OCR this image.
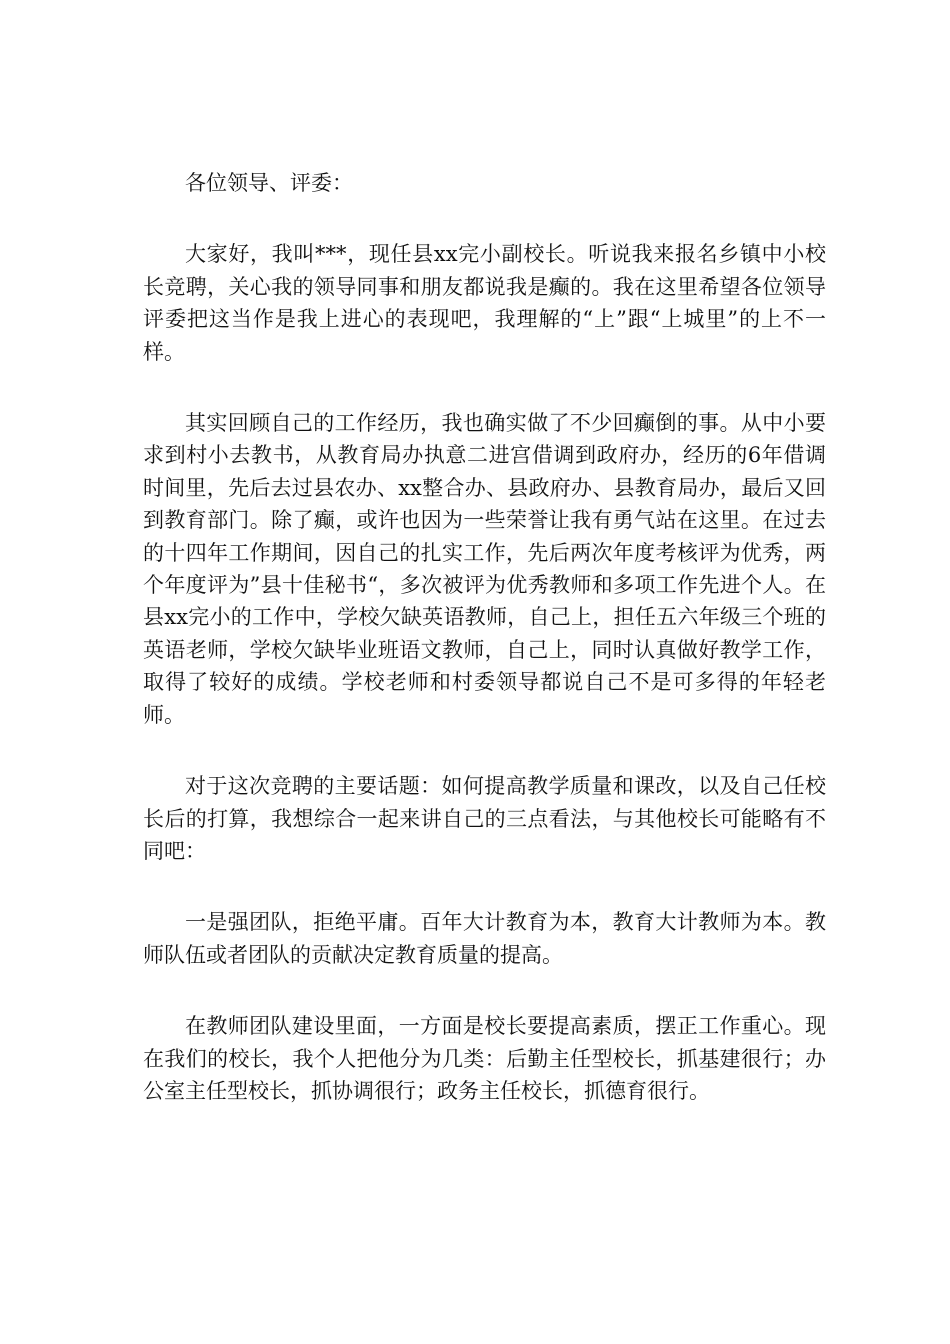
各位领导、评委：

大家好，我叫***，现任县xx完小副校长。听说我来报名乡镇中小校长竞聘，关心我的领导同事和朋友都说我是癫的。我在这里希望各位领导评委把这当作是我上进心的表现吧，我理解的“上”跟“上城里”的上不一样。

其实回顾自己的工作经历，我也确实做了不少回癫倒的事。从中小要求到村小去教书，从教育局办执意二进宫借调到政府办，经历的6年借调时间里，先后去过县农办、xx整合办、县政府办、县教育局办，最后又回到教育部门。除了癫，或许也因为一些荣誉让我有勇气站在这里。在过去的十四年工作期间，因自己的扎实工作，先后两次年度考核评为优秀，两个年度评为”县十佳秘书“，多次被评为优秀教师和多项工作先进个人。在县xx完小的工作中，学校欠缺英语教师，自己上，担任五六年级三个班的英语老师，学校欠缺毕业班语文教师，自己上，同时认真做好教学工作，取得了较好的成绩。学校老师和村委领导都说自己不是可多得的年轻老师。

对于这次竞聘的主要话题：如何提高教学质量和课改，以及自己任校长后的打算，我想综合一起来讲自己的三点看法，与其他校长可能略有不同吧：

一是强团队，拒绝平庸。百年大计教育为本，教育大计教师为本。教师队伍或者团队的贡献决定教育质量的提高。

在教师团队建设里面，一方面是校长要提高素质，摆正工作重心。现在我们的校长，我个人把他分为几类：后勤主任型校长，抓基建很行；办公室主任型校长，抓协调很行；政务主任校长，抓德育很行。
